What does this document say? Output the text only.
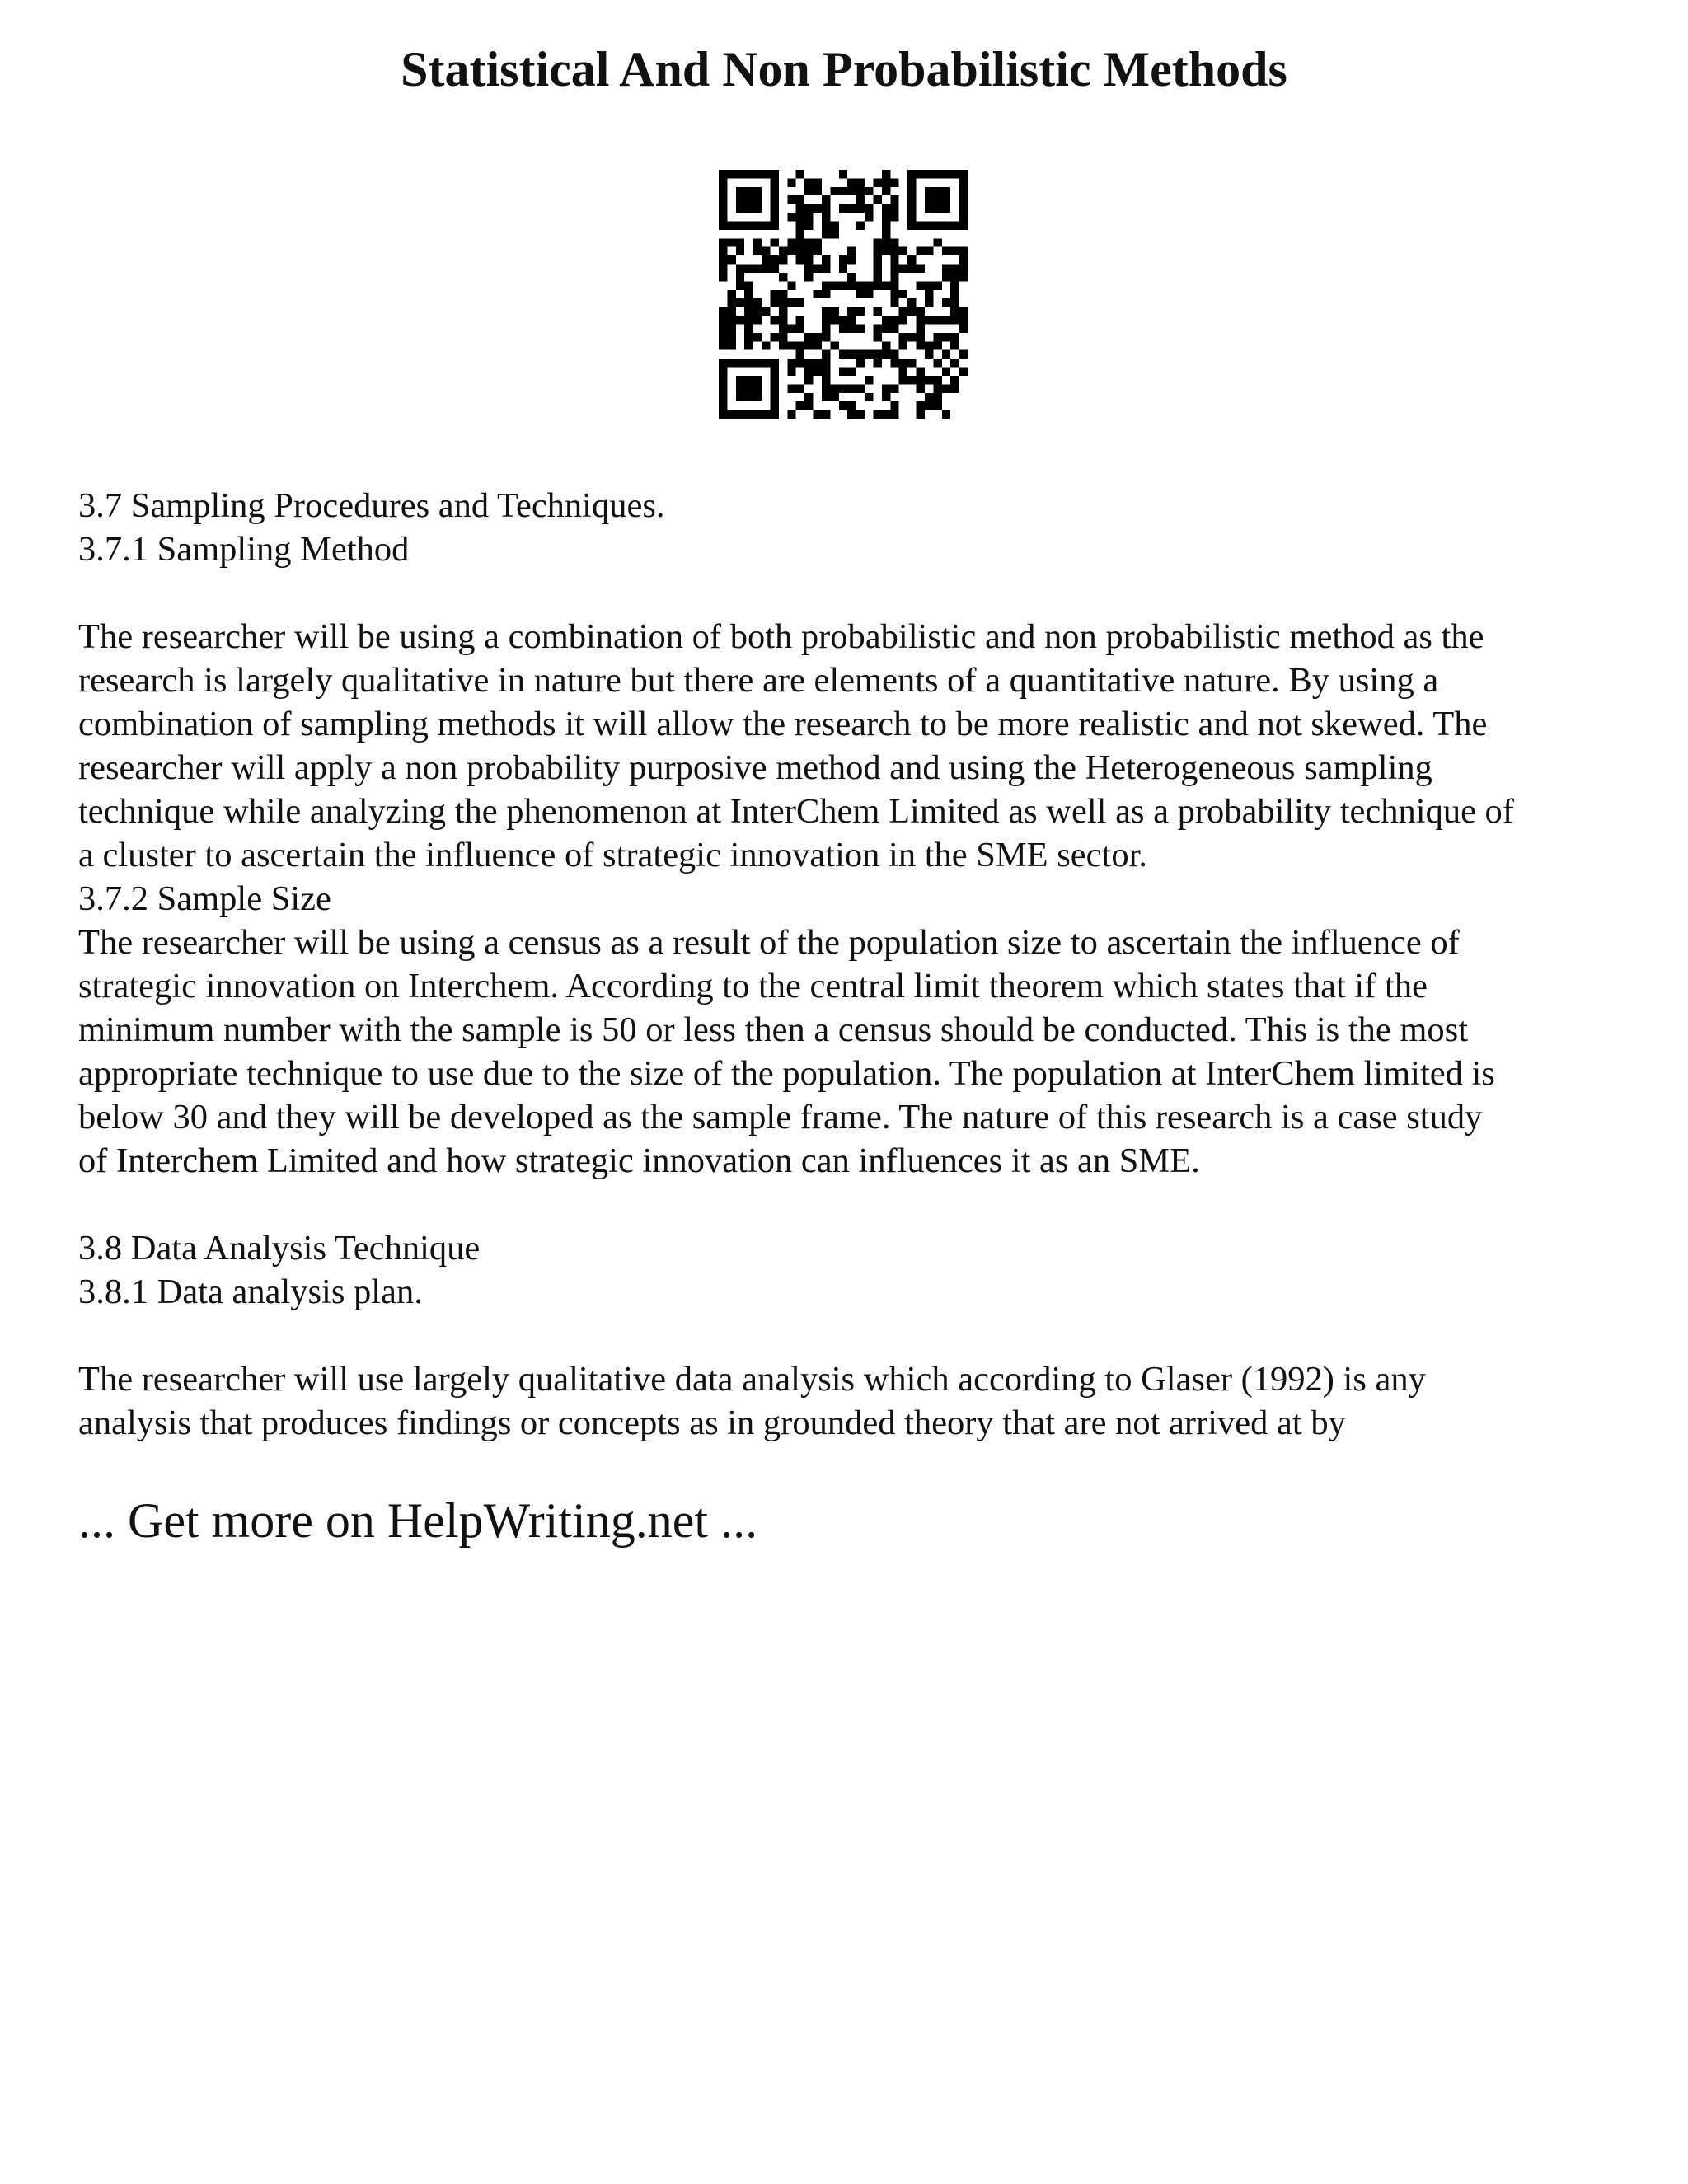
Statistical And Non Probabilistic Methods
3.7 Sampling Procedures and Techniques.
3.7.1 Sampling Method
The researcher will be using a combination of both probabilistic and non probabilistic method as the
research is largely qualitative in nature but there are elements of a quantitative nature. By using a
combination of sampling methods it will allow the research to be more realistic and not skewed. The
researcher will apply a non probability purposive method and using the Heterogeneous sampling
technique while analyzing the phenomenon at InterChem Limited as well as a probability technique of
a cluster to ascertain the influence of strategic innovation in the SME sector.
3.7.2 Sample Size
The researcher will be using a census as a result of the population size to ascertain the influence of
strategic innovation on Interchem. According to the central limit theorem which states that if the
minimum number with the sample is 50 or less then a census should be conducted. This is the most
appropriate technique to use due to the size of the population. The population at InterChem limited is
below 30 and they will be developed as the sample frame. The nature of this research is a case study
of Interchem Limited and how strategic innovation can influences it as an SME.
3.8 Data Analysis Technique
3.8.1 Data analysis plan.
The researcher will use largely qualitative data analysis which according to Glaser (1992) is any
analysis that produces findings or concepts as in grounded theory that are not arrived at by
... Get more on HelpWriting.net ...
